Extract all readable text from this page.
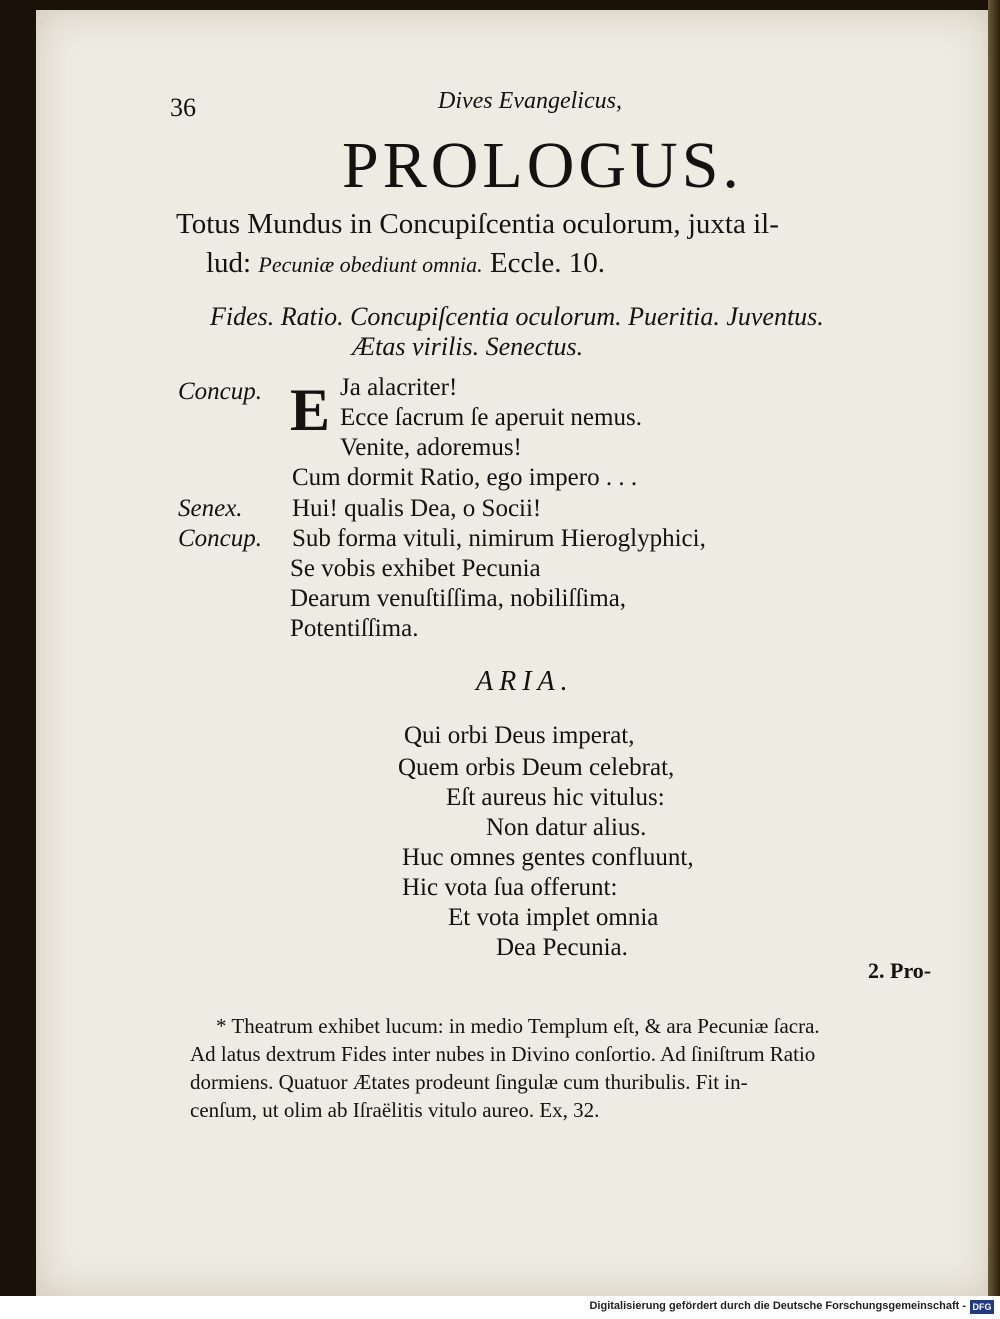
36	Dives Evangelicus,
PROLOGUS.
Totus Mundus in Concupiſcentia oculorum, juxta il-
lud: Pecuniæ obediunt omnia. Eccle. 10.
Fides. Ratio. Concupiſcentia oculorum. Pueritia. Juventus.
Ætas virilis. Senectus.
Concup. E Ja alacriter!
Ecce ſacrum ſe aperuit nemus.
Venite, adoremus!
Cum dormit Ratio, ego impero . . .
Senex. Hui! qualis Dea, o Socii!
Concup. Sub forma vituli, nimirum Hieroglyphici,
Se vobis exhibet Pecunia
Dearum venuſtiſſima, nobiliſſima,
Potentiſſima.
ARIA.
Qui orbi Deus imperat,
Quem orbis Deum celebrat,
Eſt aureus hic vitulus:
Non datur alius.
Huc omnes gentes confluunt,
Hic vota ſua offerunt:
Et vota implet omnia
Dea Pecunia.
2. Pro-
* Theatrum exhibet lucum: in medio Templum eſt, & ara Pecuniæ ſacra.
Ad latus dextrum Fides inter nubes in Divino conſortio. Ad ſiniſtrum Ratio
dormiens. Quatuor Ætates prodeunt ſingulæ cum thuribulis. Fit in-
cenſum, ut olim ab Iſraëlitis vitulo aureo. Ex, 32.
Digitalisierung gefördert durch die Deutsche Forschungsgemeinschaft - DFG
